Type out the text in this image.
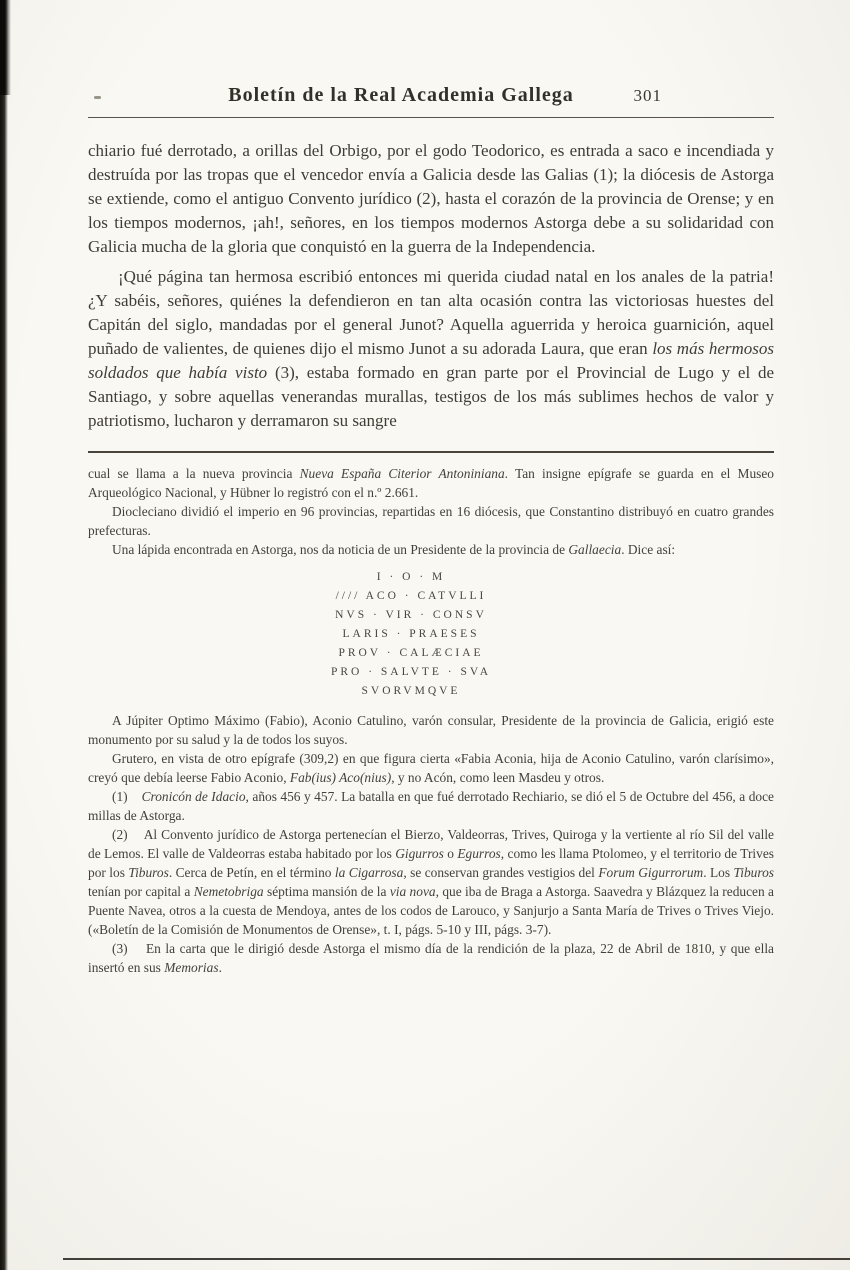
Boletín de la Real Academia Gallega	301

chiario fué derrotado, a orillas del Orbigo, por el godo Teodorico, es entrada a saco e incendiada y destruída por las tropas que el vencedor envía a Galicia desde las Galias (1); la diócesis de Astorga se extiende, como el antiguo Convento jurídico (2), hasta el corazón de la provincia de Orense; y en los tiempos modernos, ¡ah!, señores, en los tiempos modernos Astorga debe a su solidaridad con Galicia mucha de la gloria que conquistó en la guerra de la Independencia.

¡Qué página tan hermosa escribió entonces mi querida ciudad natal en los anales de la patria! ¿Y sabéis, señores, quiénes la defendieron en tan alta ocasión contra las victoriosas huestes del Capitán del siglo, mandadas por el general Junot? Aquella aguerrida y heroica guarnición, aquel puñado de valientes, de quienes dijo el mismo Junot a su adorada Laura, que eran los más hermosos soldados que había visto (3), estaba formado en gran parte por el Provincial de Lugo y el de Santiago, y sobre aquellas venerandas murallas, testigos de los más sublimes hechos de valor y patriotismo, lucharon y derramaron su sangre

cual se llama a la nueva provincia Nueva España Citerior Antoniniana. Tan insigne epígrafe se guarda en el Museo Arqueológico Nacional, y Hübner lo registró con el n.º 2.661.

Diocleciano dividió el imperio en 96 provincias, repartidas en 16 diócesis, que Constantino distribuyó en cuatro grandes prefecturas.

Una lápida encontrada en Astorga, nos da noticia de un Presidente de la provincia de Gallaecia. Dice así:

I · O · M
//// ACO · CATVLLI
NVS · VIR · CONSV
LARIS · PRAESES
PROV · CALÆCIAE
PRO · SALVTE · SVA
SVORVMQVE

A Júpiter Optimo Máximo (Fabio), Aconio Catulino, varón consular, Presidente de la provincia de Galicia, erigió este monumento por su salud y la de todos los suyos.

Grutero, en vista de otro epígrafe (309,2) en que figura cierta «Fabia Aconia, hija de Aconio Catulino, varón clarísimo», creyó que debía leerse Fabio Aconio, Fab(ius) Aco(nius), y no Acón, como leen Masdeu y otros.

(1)    Cronicón de Idacio, años 456 y 457. La batalla en que fué derrotado Rechiario, se dió el 5 de Octubre del 456, a doce millas de Astorga.

(2)    Al Convento jurídico de Astorga pertenecían el Bierzo, Valdeorras, Trives, Quiroga y la vertiente al río Sil del valle de Lemos. El valle de Valdeorras estaba habitado por los Gigurros o Egurros, como les llama Ptolomeo, y el territorio de Trives por los Tiburos. Cerca de Petín, en el término la Cigarrosa, se conservan grandes vestigios del Forum Gigurrorum. Los Tiburos tenían por capital a Nemetobriga séptima mansión de la via nova, que iba de Braga a Astorga. Saavedra y Blázquez la reducen a Puente Navea, otros a la cuesta de Mendoya, antes de los codos de Larouco, y Sanjurjo a Santa María de Trives o Trives Viejo. («Boletín de la Comisión de Monumentos de Orense», t. I, págs. 5-10 y III, págs. 3-7).

(3)    En la carta que le dirigió desde Astorga el mismo día de la rendición de la plaza, 22 de Abril de 1810, y que ella insertó en sus Memorias.
